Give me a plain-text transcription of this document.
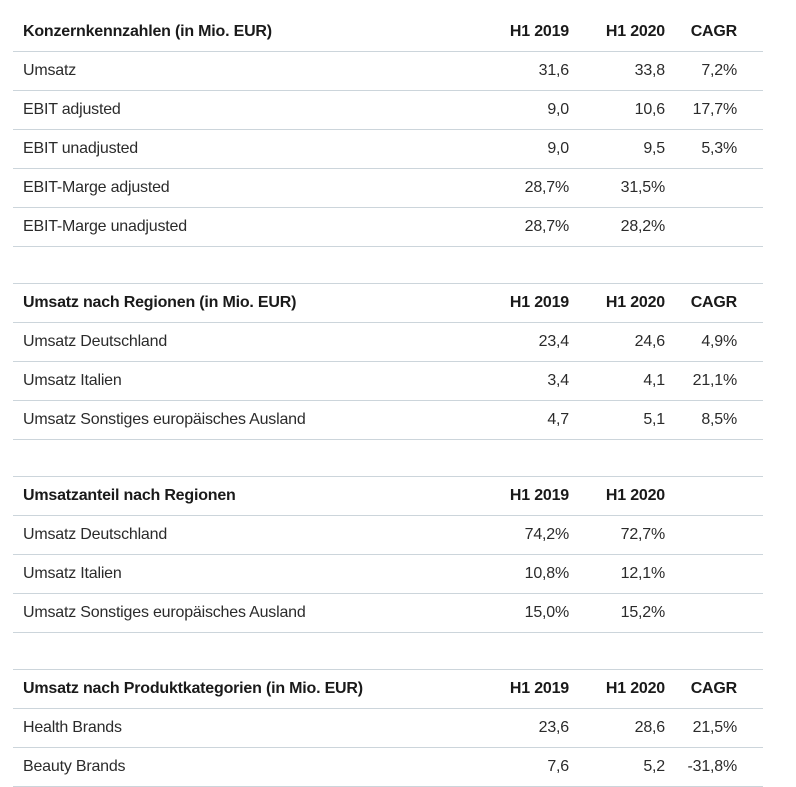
Konzernkennzahlen (in Mio. EUR)	H1 2019	H1 2020	CAGR
Umsatz	31,6	33,8	7,2%
EBIT adjusted	9,0	10,6	17,7%
EBIT unadjusted	9,0	9,5	5,3%
EBIT-Marge adjusted	28,7%	31,5%	
EBIT-Marge unadjusted	28,7%	28,2%	
Umsatz nach Regionen (in Mio. EUR)	H1 2019	H1 2020	CAGR
Umsatz Deutschland	23,4	24,6	4,9%
Umsatz Italien	3,4	4,1	21,1%
Umsatz Sonstiges europäisches Ausland	4,7	5,1	8,5%
Umsatzanteil nach Regionen	H1 2019	H1 2020	
Umsatz Deutschland	74,2%	72,7%	
Umsatz Italien	10,8%	12,1%	
Umsatz Sonstiges europäisches Ausland	15,0%	15,2%	
Umsatz nach Produktkategorien (in Mio. EUR)	H1 2019	H1 2020	CAGR
Health Brands	23,6	28,6	21,5%
Beauty Brands	7,6	5,2	-31,8%
